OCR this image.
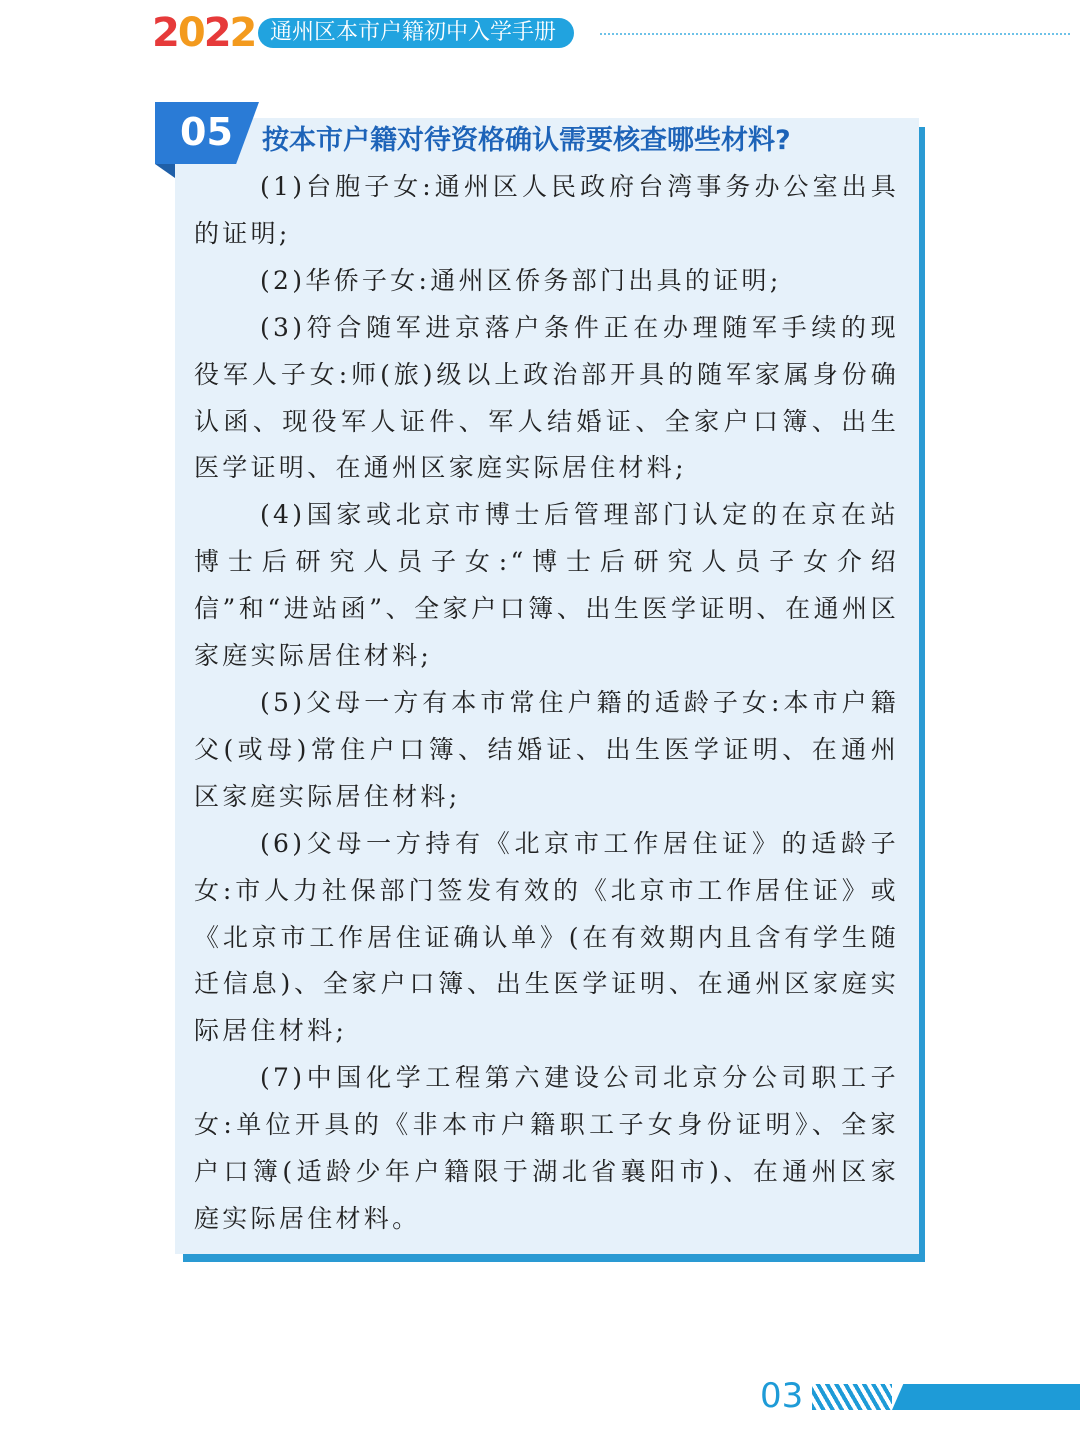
2022 通州区本市户籍初中入学手册
05 按本市户籍对待资格确认需要核查哪些材料?

(1)台胞子女:通州区人民政府台湾事务办公室出具的证明;

(2)华侨子女:通州区侨务部门出具的证明;

(3)符合随军进京落户条件正在办理随军手续的现役军人子女:师(旅)级以上政治部开具的随军家属身份确认函、现役军人证件、军人结婚证、全家户口簿、出生医学证明、在通州区家庭实际居住材料;

(4)国家或北京市博士后管理部门认定的在京在站博士后研究人员子女:“博士后研究人员子女介绍信”和“进站函”、全家户口簿、出生医学证明、在通州区家庭实际居住材料;

(5)父母一方有本市常住户籍的适龄子女:本市户籍父(或母)常住户口簿、结婚证、出生医学证明、在通州区家庭实际居住材料;

(6)父母一方持有《北京市工作居住证》的适龄子女:市人力社保部门签发有效的《北京市工作居住证》或《北京市工作居住证确认单》(在有效期内且含有学生随迁信息)、全家户口簿、出生医学证明、在通州区家庭实际居住材料;

(7)中国化学工程第六建设公司北京分公司职工子女:单位开具的《非本市户籍职工子女身份证明》、全家户口簿(适龄少年户籍限于湖北省襄阳市)、在通州区家庭实际居住材料。

03
